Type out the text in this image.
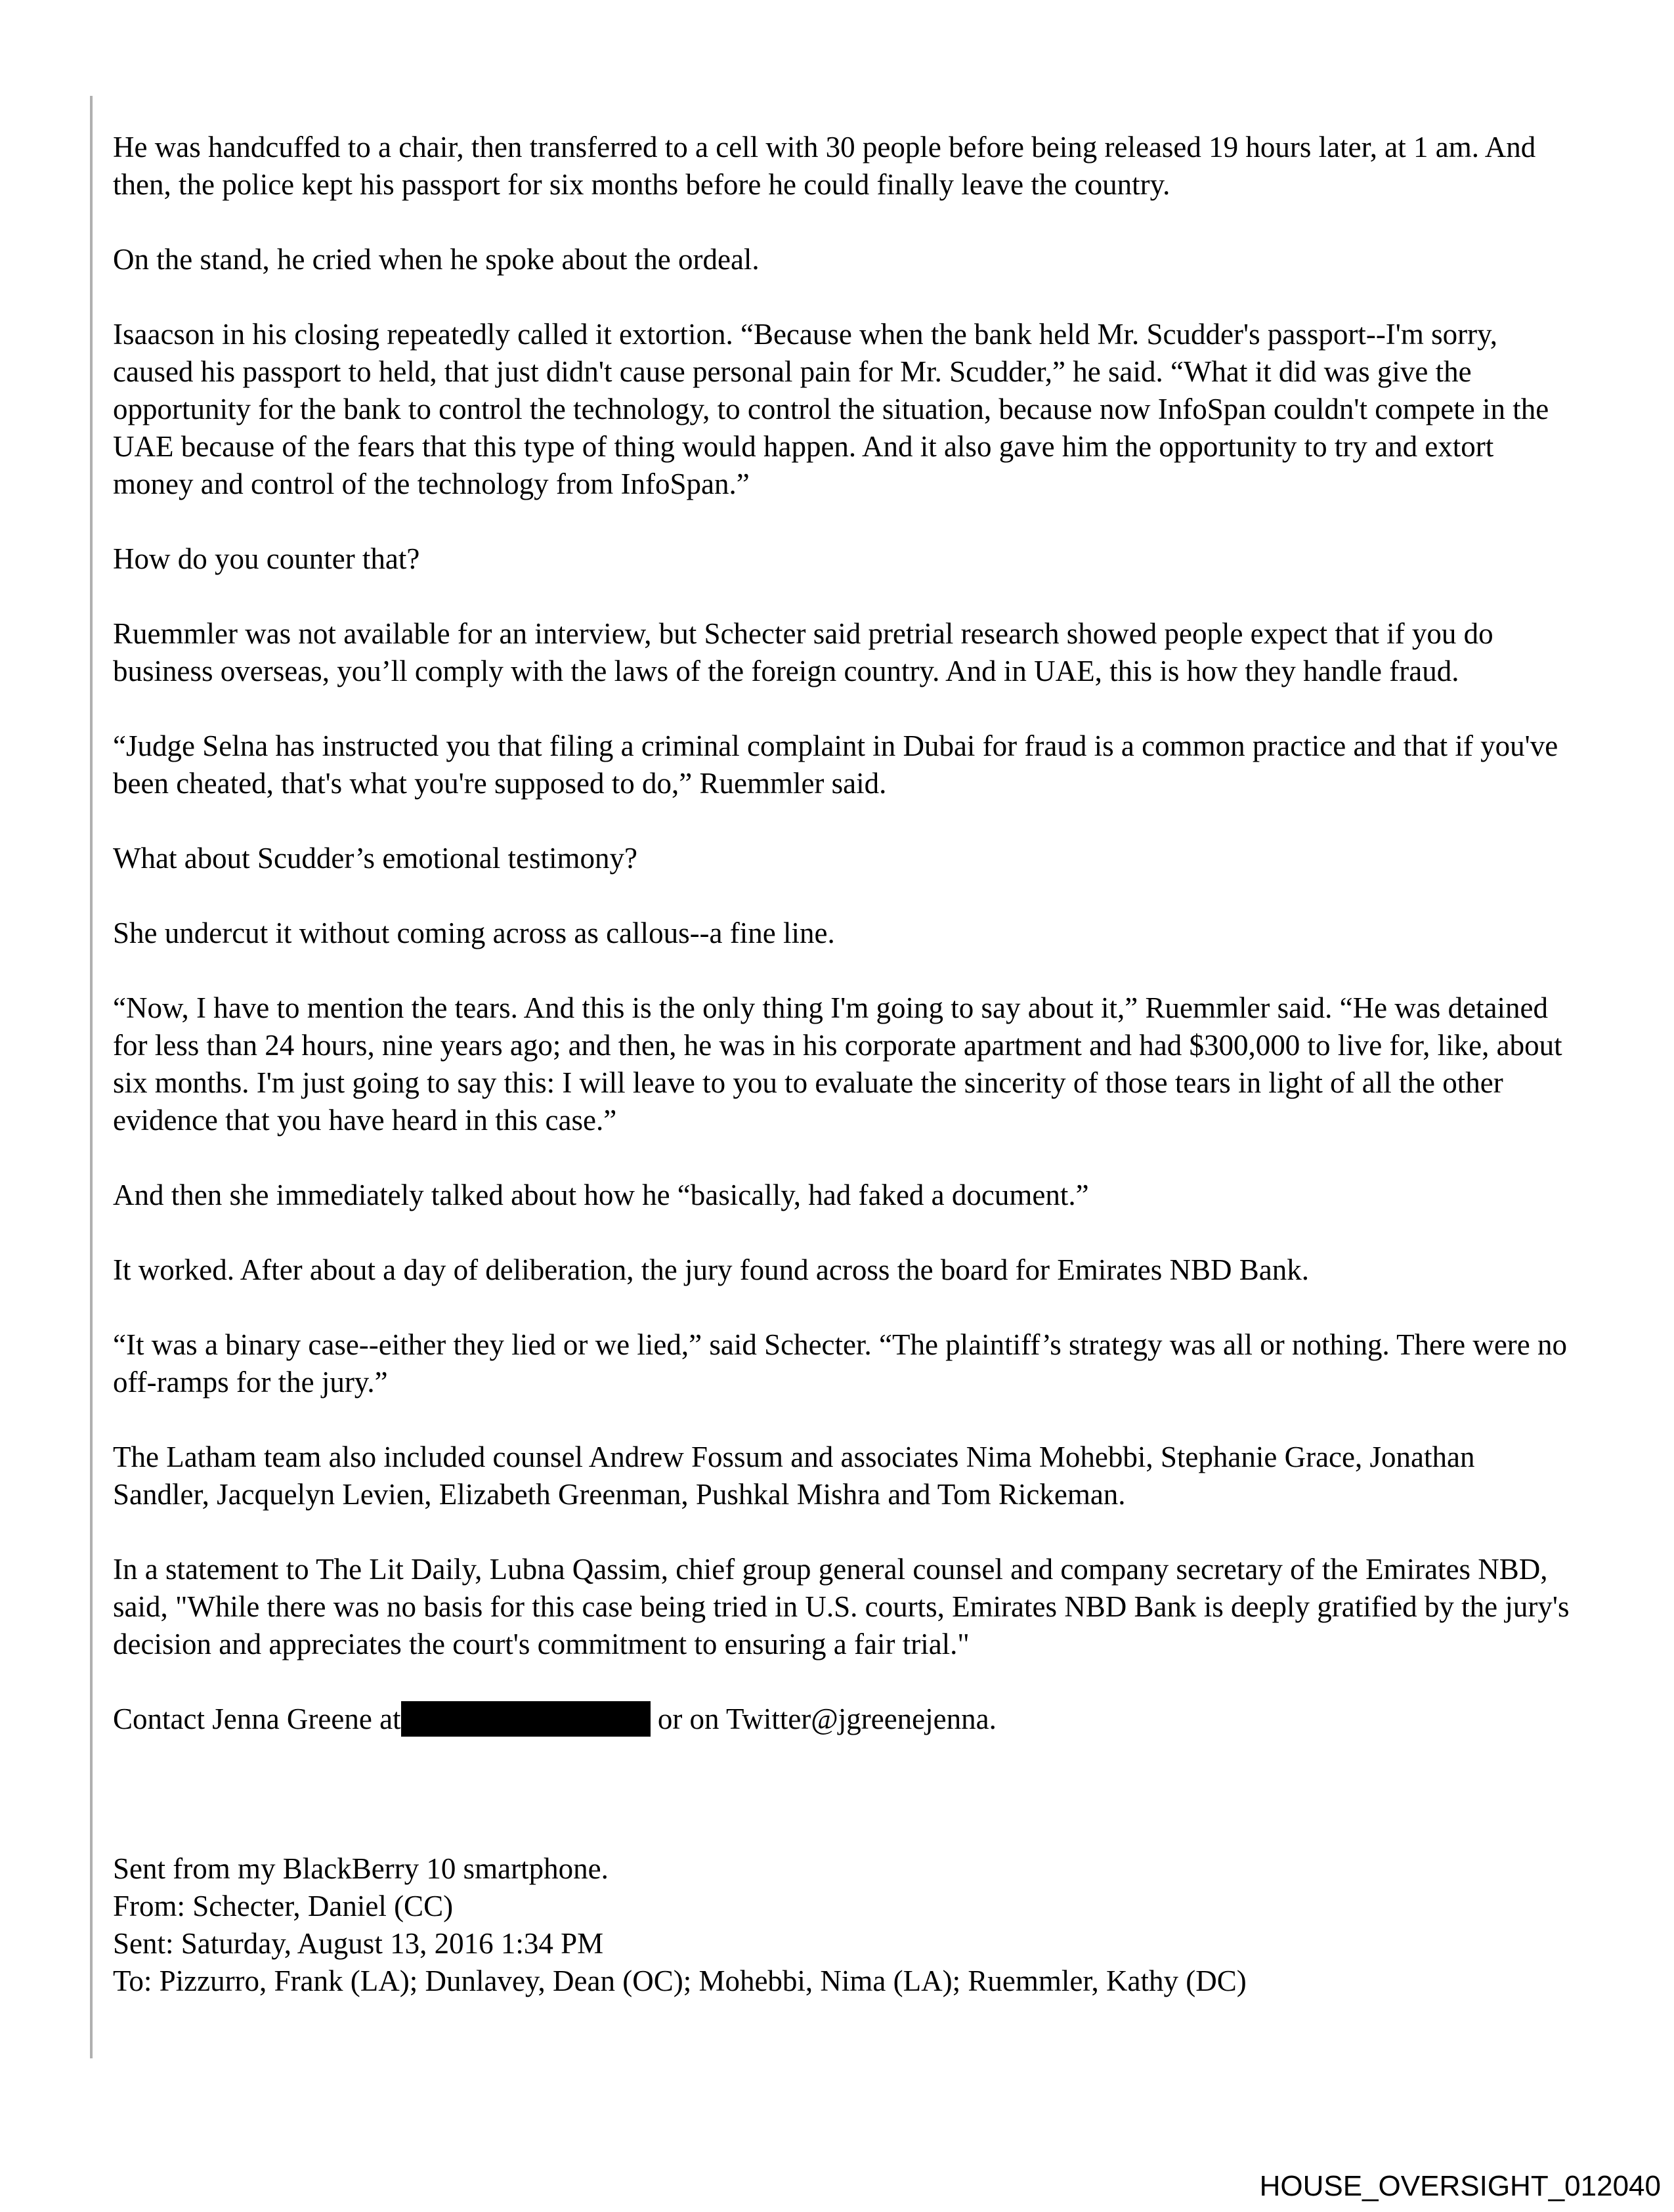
He was handcuffed to a chair, then transferred to a cell with 30 people before being released 19 hours later, at 1 am. And then, the police kept his passport for six months before he could finally leave the country.

On the stand, he cried when he spoke about the ordeal.

Isaacson in his closing repeatedly called it extortion. “Because when the bank held Mr. Scudder's passport--I'm sorry, caused his passport to held, that just didn't cause personal pain for Mr. Scudder,” he said. “What it did was give the opportunity for the bank to control the technology, to control the situation, because now InfoSpan couldn't compete in the UAE because of the fears that this type of thing would happen. And it also gave him the opportunity to try and extort money and control of the technology from InfoSpan.”

How do you counter that?

Ruemmler was not available for an interview, but Schecter said pretrial research showed people expect that if you do business overseas, you’ll comply with the laws of the foreign country. And in UAE, this is how they handle fraud.

“Judge Selna has instructed you that filing a criminal complaint in Dubai for fraud is a common practice and that if you've been cheated, that's what you're supposed to do,” Ruemmler said.

What about Scudder’s emotional testimony?

She undercut it without coming across as callous--a fine line.

“Now, I have to mention the tears. And this is the only thing I'm going to say about it,” Ruemmler said. “He was detained for less than 24 hours, nine years ago; and then, he was in his corporate apartment and had $300,000 to live for, like, about six months. I'm just going to say this: I will leave to you to evaluate the sincerity of those tears in light of all the other evidence that you have heard in this case.”

And then she immediately talked about how he “basically, had faked a document.”

It worked. After about a day of deliberation, the jury found across the board for Emirates NBD Bank.

“It was a binary case--either they lied or we lied,” said Schecter. “The plaintiff’s strategy was all or nothing. There were no off-ramps for the jury.”

The Latham team also included counsel Andrew Fossum and associates Nima Mohebbi, Stephanie Grace, Jonathan Sandler, Jacquelyn Levien, Elizabeth Greenman, Pushkal Mishra and Tom Rickeman.

In a statement to The Lit Daily, Lubna Qassim, chief group general counsel and company secretary of the Emirates NBD, said, "While there was no basis for this case being tried in U.S. courts, Emirates NBD Bank is deeply gratified by the jury's decision and appreciates the court's commitment to ensuring a fair trial."

Contact Jenna Greene at	or on Twitter@jgreenejenna.

Sent from my BlackBerry 10 smartphone.
From: Schecter, Daniel (CC)
Sent: Saturday, August 13, 2016 1:34 PM
To: Pizzurro, Frank (LA); Dunlavey, Dean (OC); Mohebbi, Nima (LA); Ruemmler, Kathy (DC)
HOUSE_OVERSIGHT_012040
